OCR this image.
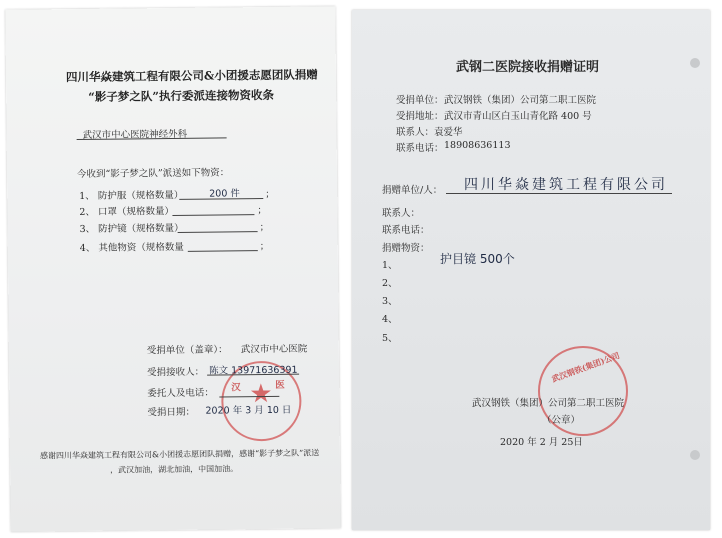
四川华焱建筑工程有限公司&小团援志愿团队捐赠
“影子梦之队”执行委派连接物资收条
武汉市中心医院神经外科
今收到“影子梦之队”派送如下物资：
1、 防护服（规格数量）	200 件	；
2、 口罩（规格数量）	；
3、 防护镜（规格数量）	；
4、 其他物资（规格数量	；
汉	医
★
受捐单位（盖章）： 武汉市中心医院
受捐接收人： 陈文 13971636391
委托人及电话：
受捐日期： 2020 年 3 月 10 日
感谢四川华焱建筑工程有限公司&小团援志愿团队捐赠，感谢“影子梦之队”派送
，武汉加油，湖北加油，中国加油。
武钢二医院接收捐赠证明
受捐单位： 武汉钢铁（集团）公司第二职工医院
受捐地址： 武汉市青山区白玉山青化路 400 号
联系人： 袁爱华
联系电话： 18908636113
捐赠单位/人： 四川华焱建筑工程有限公司
联系人：
联系电话：
捐赠物资：
1、	护目镜 500个
2、
3、
4、
5、
武汉钢铁(集团)公司
武汉钢铁（集团）公司第二职工医院
（公章）
2020 年 2 月 25日
